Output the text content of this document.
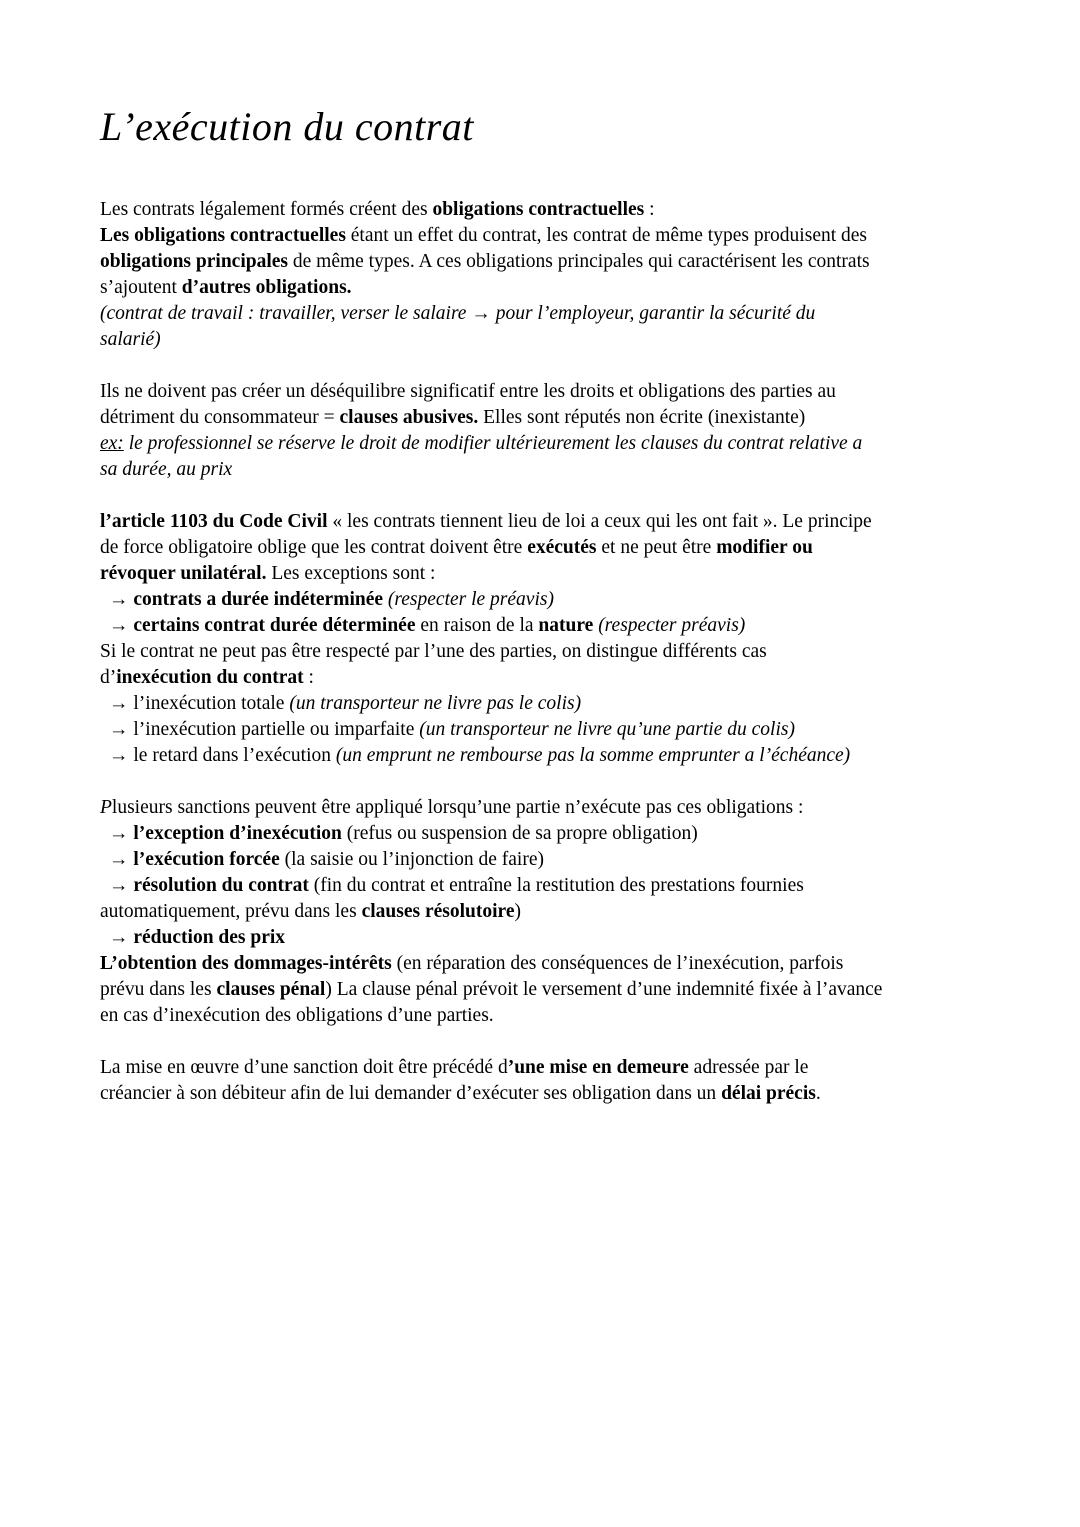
L’exécution du contrat
Les contrats légalement formés créent des obligations contractuelles :
Les obligations contractuelles étant un effet du contrat, les contrat de même types produisent des
obligations principales de même types. A ces obligations principales qui caractérisent les contrats
s’ajoutent d’autres obligations.
(contrat de travail : travailler, verser le salaire → pour l’employeur, garantir la sécurité du
salarié)
Ils ne doivent pas créer un déséquilibre significatif entre les droits et obligations des parties au
détriment du consommateur = clauses abusives. Elles sont réputés non écrite (inexistante)
ex: le professionnel se réserve le droit de modifier ultérieurement les clauses du contrat relative a
sa durée, au prix
l’article 1103 du Code Civil « les contrats tiennent lieu de loi a ceux qui les ont fait ». Le principe
de force obligatoire oblige que les contrat doivent être exécutés et ne peut être modifier ou
révoquer unilatéral. Les exceptions sont :
→ contrats a durée indéterminée (respecter le préavis)
→ certains contrat durée déterminée en raison de la nature (respecter préavis)
Si le contrat ne peut pas être respecté par l’une des parties, on distingue différents cas
d’inexécution du contrat :
→ l’inexécution totale (un transporteur ne livre pas le colis)
→ l’inexécution partielle ou imparfaite (un transporteur ne livre qu’une partie du colis)
→ le retard dans l’exécution (un emprunt ne rembourse pas la somme emprunter a l’échéance)
Plusieurs sanctions peuvent être appliqué lorsqu’une partie n’exécute pas ces obligations :
→ l’exception d’inexécution (refus ou suspension de sa propre obligation)
→ l’exécution forcée (la saisie ou l’injonction de faire)
→ résolution du contrat (fin du contrat et entraîne la restitution des prestations fournies
automatiquement, prévu dans les clauses résolutoire)
→ réduction des prix
L’obtention des dommages-intérêts (en réparation des conséquences de l’inexécution, parfois
prévu dans les clauses pénal) La clause pénal prévoit le versement d’une indemnité fixée à l’avance
en cas d’inexécution des obligations d’une parties.
La mise en œuvre d’une sanction doit être précédé d’une mise en demeure adressée par le
créancier à son débiteur afin de lui demander d’exécuter ses obligation dans un délai précis.
